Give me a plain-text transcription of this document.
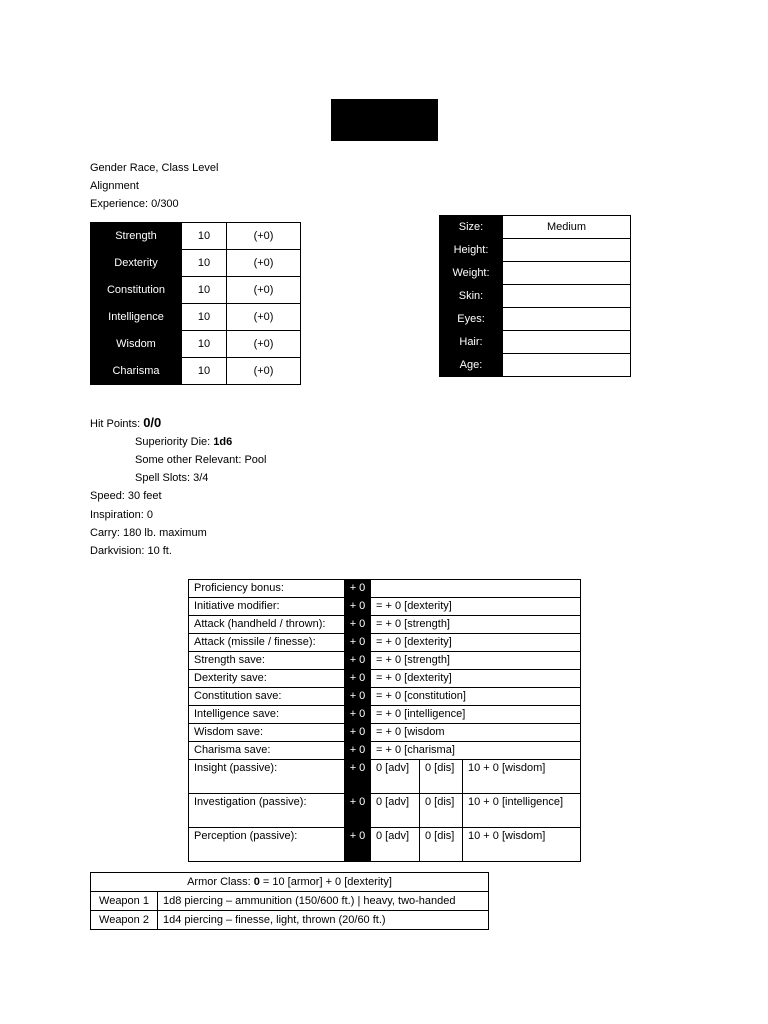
Gender Race, Class Level
Alignment
Experience: 0/300
Strength	10	(+0)
Dexterity	10	(+0)
Constitution	10	(+0)
Intelligence	10	(+0)
Wisdom	10	(+0)
Charisma	10	(+0)
Size:	Medium
Height:	
Weight:	
Skin:	
Eyes:	
Hair:	
Age:	
Hit Points: 0/0
Superiority Die: 1d6
Some other Relevant: Pool
Spell Slots: 3/4
Speed: 30 feet
Inspiration: 0
Carry: 180 lb. maximum
Darkvision: 10 ft.
Proficiency bonus:	+ 0			
Initiative modifier:	+ 0	= + 0 [dexterity]		
Attack (handheld / thrown):	+ 0	= + 0 [strength]		
Attack (missile / finesse):	+ 0	= + 0 [dexterity]		
Strength save:	+ 0	= + 0 [strength]		
Dexterity save:	+ 0	= + 0 [dexterity]		
Constitution save:	+ 0	= + 0 [constitution]		
Intelligence save:	+ 0	= + 0 [intelligence]		
Wisdom save:	+ 0	= + 0 [wisdom		
Charisma save:	+ 0	= + 0 [charisma]		
Insight (passive):	+ 0	0 [adv]	0 [dis]	10 + 0 [wisdom]
Investigation (passive):	+ 0	0 [adv]	0 [dis]	10 + 0 [intelligence]
Perception (passive):	+ 0	0 [adv]	0 [dis]	10 + 0 [wisdom]
Armor Class: 0 = 10 [armor] + 0 [dexterity]	
Weapon 1	1d8 piercing – ammunition (150/600 ft.) | heavy, two-handed
Weapon 2	1d4 piercing – finesse, light, thrown (20/60 ft.)
